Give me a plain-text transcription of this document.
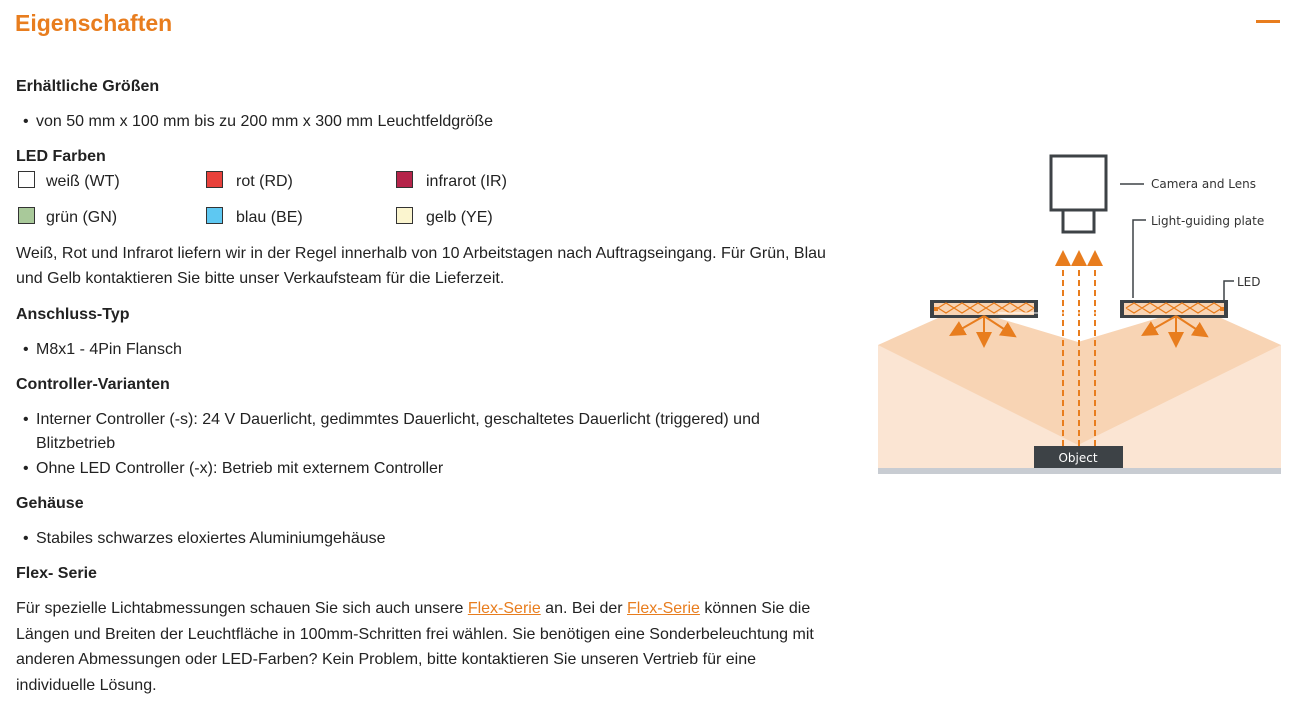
Eigenschaften
Erhältliche Größen
• von 50 mm x 100 mm bis zu 200 mm x 300 mm Leuchtfeldgröße
LED Farben
weiß (WT)	rot (RD)	infrarot (IR)
grün (GN)	blau (BE)	gelb (YE)
Weiß, Rot und Infrarot liefern wir in der Regel innerhalb von 10 Arbeitstagen nach Auftragseingang. Für Grün, Blau
und Gelb kontaktieren Sie bitte unser Verkaufsteam für die Lieferzeit.
Anschluss-Typ
• M8x1 - 4Pin Flansch
Controller-Varianten
• Interner Controller (-s): 24 V Dauerlicht, gedimmtes Dauerlicht, geschaltetes Dauerlicht (triggered) und
Blitzbetrieb
• Ohne LED Controller (-x): Betrieb mit externem Controller
Gehäuse
• Stabiles schwarzes eloxiertes Aluminiumgehäuse
Flex- Serie
Für spezielle Lichtabmessungen schauen Sie sich auch unsere Flex-Serie an. Bei der Flex-Serie können Sie die
Längen und Breiten der Leuchtfläche in 100mm-Schritten frei wählen. Sie benötigen eine Sonderbeleuchtung mit
anderen Abmessungen oder LED-Farben? Kein Problem, bitte kontaktieren Sie unseren Vertrieb für eine
individuelle Lösung.
Object
Camera and Lens
Light-guiding plate
LED
